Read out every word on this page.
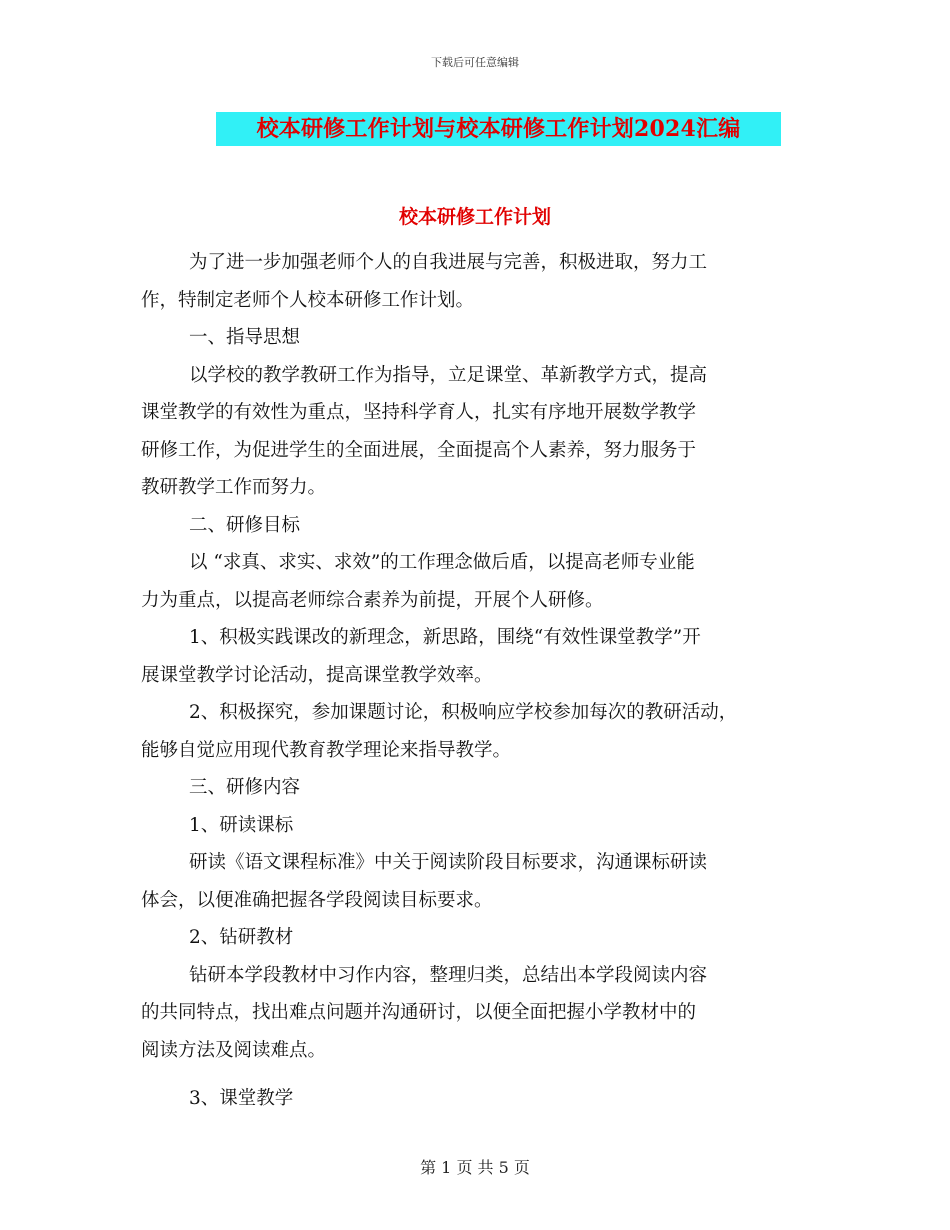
下载后可任意编辑
校本研修工作计划与校本研修工作计划2024汇编
校本研修工作计划
为了进一步加强老师个人的自我进展与完善，积极进取，努力工
作，特制定老师个人校本研修工作计划。
一、指导思想
以学校的教学教研工作为指导，立足课堂、革新教学方式，提高
课堂教学的有效性为重点，坚持科学育人，扎实有序地开展数学教学
研修工作，为促进学生的全面进展，全面提高个人素养，努力服务于
教研教学工作而努力。
二、研修目标
以 “求真、求实、求效”的工作理念做后盾，以提高老师专业能
力为重点，以提高老师综合素养为前提，开展个人研修。
1、积极实践课改的新理念，新思路，围绕“有效性课堂教学”开
展课堂教学讨论活动，提高课堂教学效率。
2、积极探究，参加课题讨论，积极响应学校参加每次的教研活动，
能够自觉应用现代教育教学理论来指导教学。
三、研修内容
1、研读课标
研读《语文课程标准》中关于阅读阶段目标要求，沟通课标研读
体会，以便准确把握各学段阅读目标要求。
2、钻研教材
钻研本学段教材中习作内容，整理归类，总结出本学段阅读内容
的共同特点，找出难点问题并沟通研讨，以便全面把握小学教材中的
阅读方法及阅读难点。
3、课堂教学
第 1 页 共 5 页
